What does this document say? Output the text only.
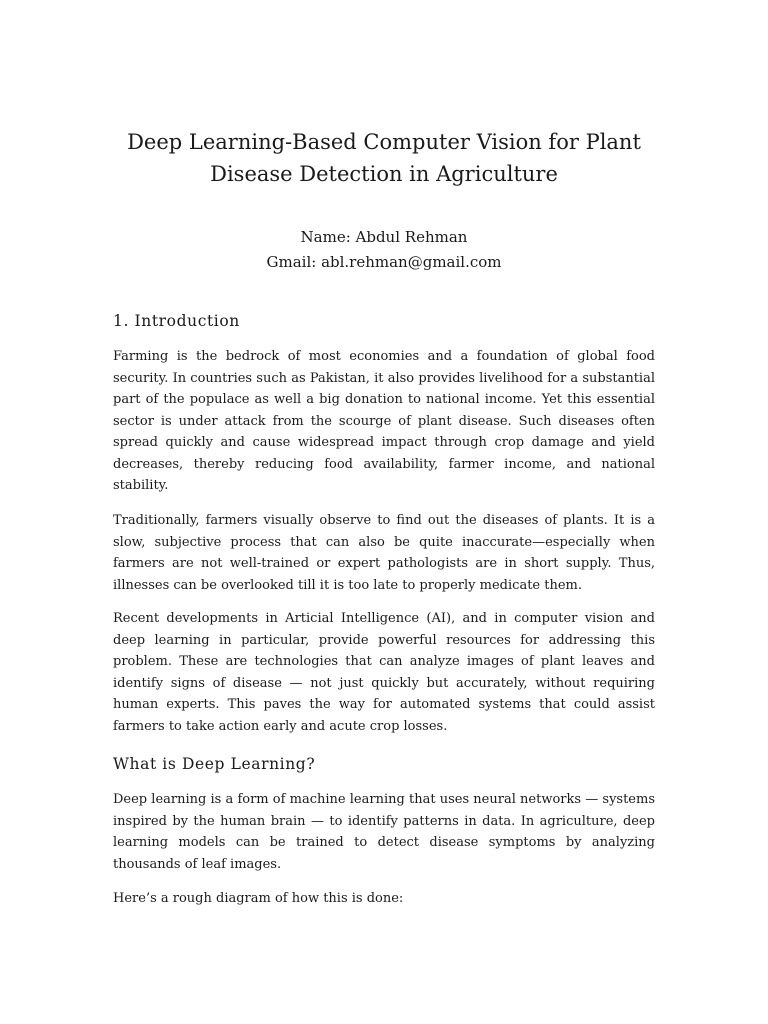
Deep Learning-Based Computer Vision for Plant Disease Detection in Agriculture
Name: Abdul Rehman
Gmail: abl.rehman@gmail.com
1. Introduction

Farming is the bedrock of most economies and a foundation of global food security. In countries such as Pakistan, it also provides livelihood for a substantial part of the populace as well a big donation to national income. Yet this essential sector is under attack from the scourge of plant disease. Such diseases often spread quickly and cause widespread impact through crop damage and yield decreases, thereby reducing food availability, farmer income, and national stability.

Traditionally, farmers visually observe to find out the diseases of plants. It is a slow, subjective process that can also be quite inaccurate—especially when farmers are not well-trained or expert pathologists are in short supply. Thus, illnesses can be overlooked till it is too late to properly medicate them.

Recent developments in Articial Intelligence (AI), and in computer vision and deep learning in particular, provide powerful resources for addressing this problem. These are technologies that can analyze images of plant leaves and identify signs of disease — not just quickly but accurately, without requiring human experts. This paves the way for automated systems that could assist farmers to take action early and acute crop losses.

What is Deep Learning?

Deep learning is a form of machine learning that uses neural networks — systems inspired by the human brain — to identify patterns in data. In agriculture, deep learning models can be trained to detect disease symptoms by analyzing thousands of leaf images.

Here’s a rough diagram of how this is done:
